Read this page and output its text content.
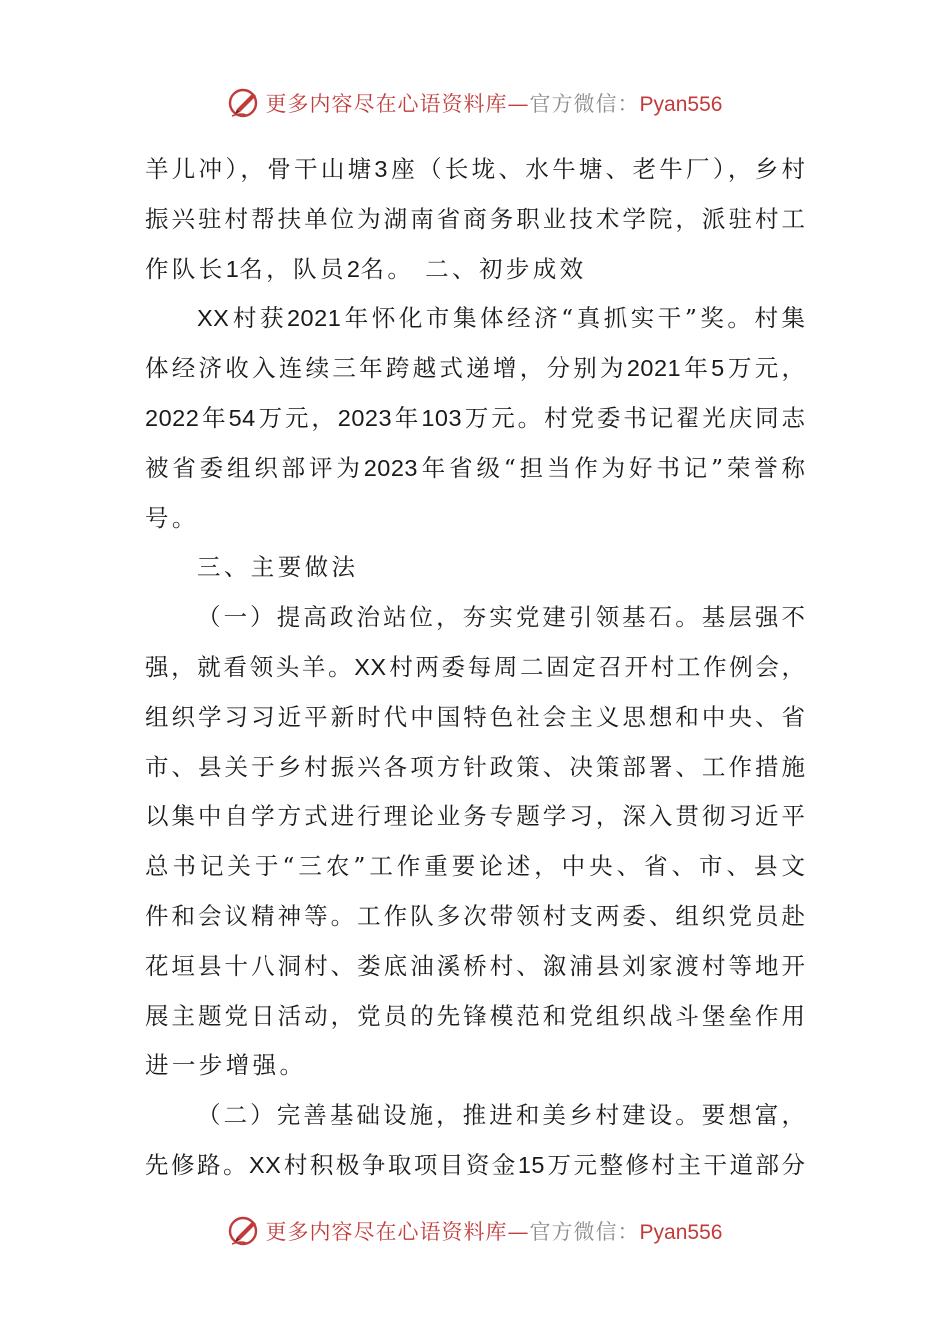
更多内容尽在心语资料库—官方微信：Pyan556
羊儿冲），骨干山塘3座（长垅、水牛塘、老牛厂），乡村
振兴驻村帮扶单位为湖南省商务职业技术学院，派驻村工
作队长1名，队员2名。 二、初步成效
XX村获2021年怀化市集体经济“真抓实干”奖。村集
体经济收入连续三年跨越式递增，分别为2021年5万元，
2022年54万元，2023年103万元。村党委书记翟光庆同志
被省委组织部评为2023年省级“担当作为好书记”荣誉称
号。
三、主要做法
（一）提高政治站位，夯实党建引领基石。基层强不
强，就看领头羊。XX村两委每周二固定召开村工作例会，
组织学习习近平新时代中国特色社会主义思想和中央、省
市、县关于乡村振兴各项方针政策、决策部署、工作措施
以集中自学方式进行理论业务专题学习，深入贯彻习近平
总书记关于“三农”工作重要论述，中央、省、市、县文
件和会议精神等。工作队多次带领村支两委、组织党员赴
花垣县十八洞村、娄底油溪桥村、溆浦县刘家渡村等地开
展主题党日活动，党员的先锋模范和党组织战斗堡垒作用
进一步增强。
（二）完善基础设施，推进和美乡村建设。要想富，
先修路。XX村积极争取项目资金15万元整修村主干道部分
更多内容尽在心语资料库—官方微信：Pyan556
